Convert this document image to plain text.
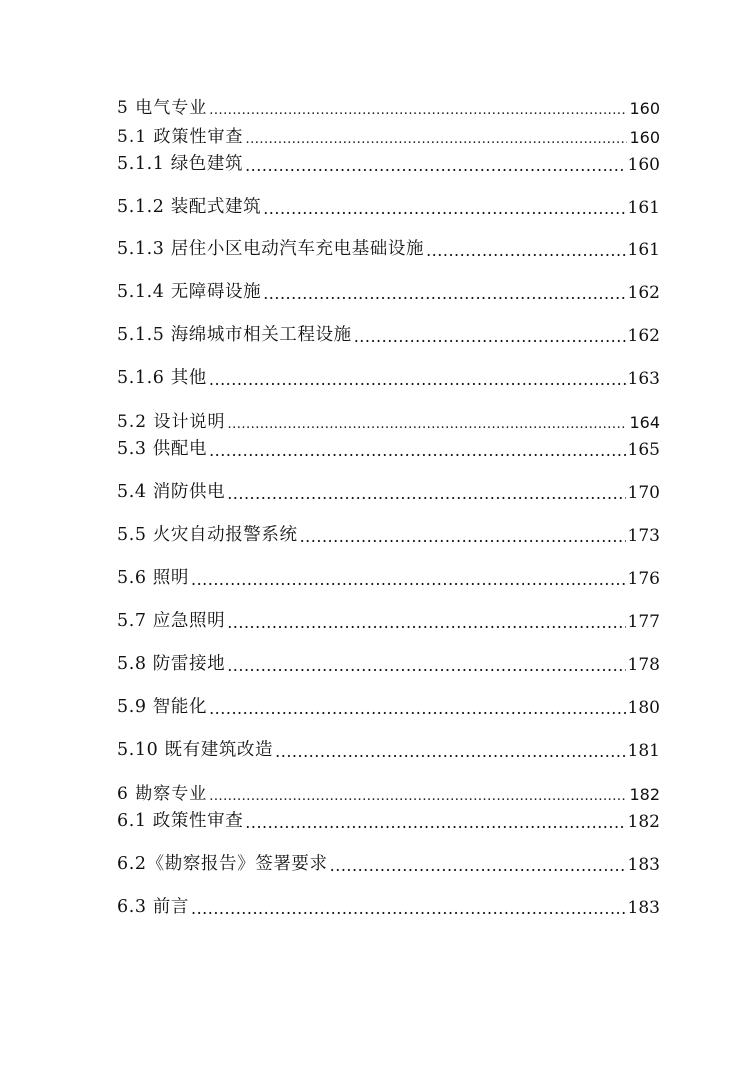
5 电气专业 .....	160
5.1 政策性审查 .....	160
5.1.1 绿色建筑 .....	160
5.1.2 装配式建筑 .....	161
5.1.3 居住小区电动汽车充电基础设施 .....	161
5.1.4 无障碍设施 .....	162
5.1.5 海绵城市相关工程设施 .....	162
5.1.6 其他 .....	163
5.2 设计说明 .....	164
5.3 供配电 .....	165
5.4 消防供电 .....	170
5.5 火灾自动报警系统 .....	173
5.6 照明 .....	176
5.7 应急照明 .....	177
5.8 防雷接地 .....	178
5.9 智能化 .....	180
5.10 既有建筑改造 .....	181
6 勘察专业 .....	182
6.1 政策性审查 .....	182
6.2《勘察报告》签署要求 .....	183
6.3 前言 .....	183
